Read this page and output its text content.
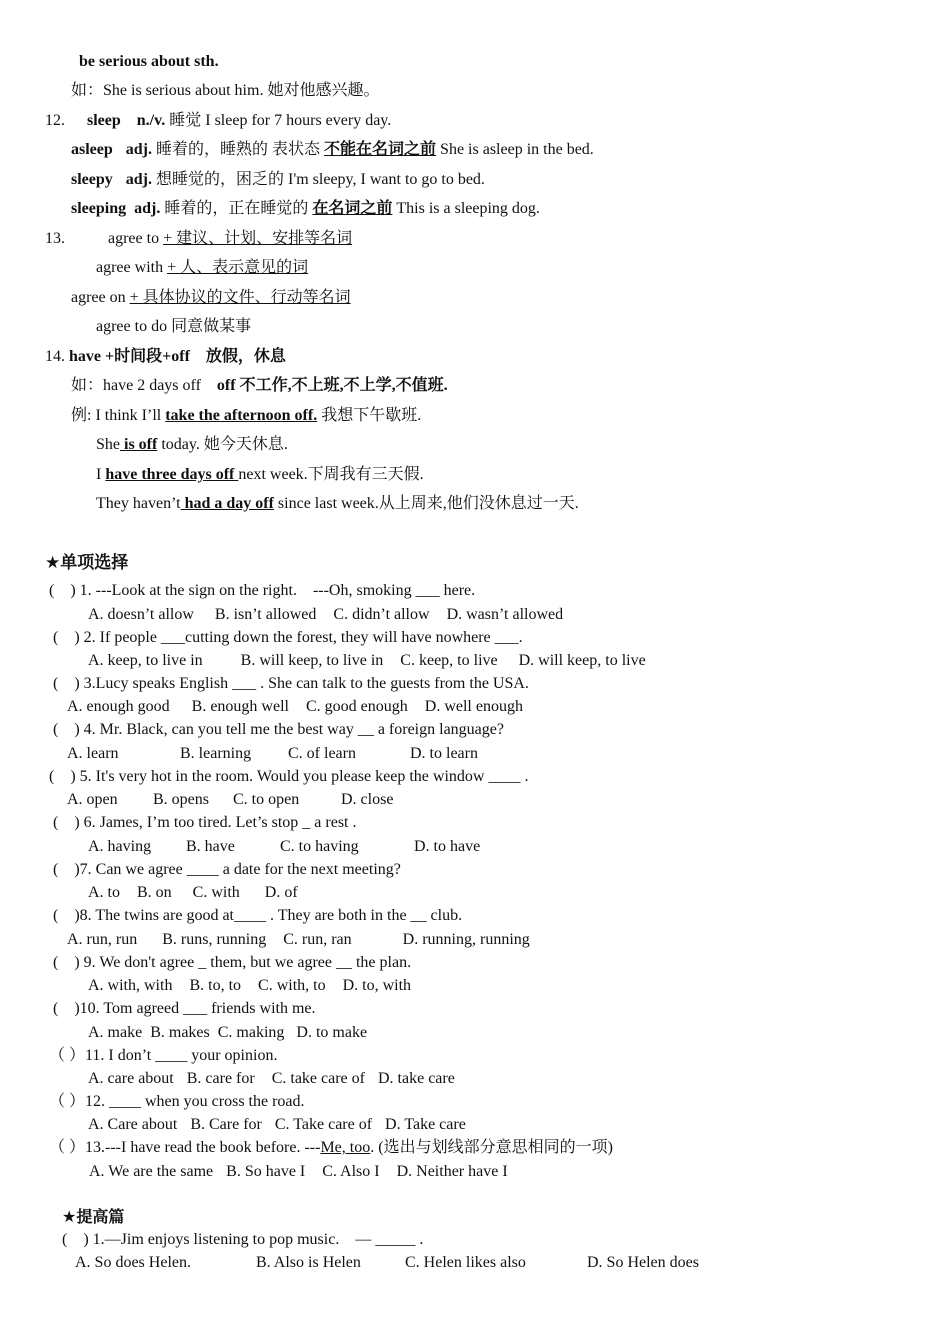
be serious about sth.
如：She is serious about him. 她对他感兴趣。
12. sleep n./v. 睡觉 I sleep for 7 hours every day.
asleep adj. 睡着的，睡熟的 表状态 不能在名词之前 She is asleep in the bed.
sleepy adj. 想睡觉的，困乏的 I'm sleepy, I want to go to bed.
sleeping adj. 睡着的，正在睡觉的 在名词之前 This is a sleeping dog.
13.	agree to + 建议、计划、安排等名词
agree with + 人、表示意见的词
agree on + 具体协议的文件、行动等名词
agree to do 同意做某事
14. have +时间段+off　放假，休息
如：have 2 days off　off 不工作,不上班,不上学,不值班.
例: I think I’ll take the afternoon off. 我想下午歇班.
She is off today. 她今天休息.
I have three days off next week.下周我有三天假.
They haven’t had a day off since last week.从上周来,他们没休息过一天.
★单项选择
(　) 1. ---Look at the sign on the right.　---Oh, smoking ___ here.
A. doesn’t allow B. isn’t allowed C. didn’t allow D. wasn’t allowed
(　) 2. If people ___cutting down the forest, they will have nowhere ___.
A. keep, to live in B. will keep, to live in C. keep, to live D. will keep, to live
(　) 3.Lucy speaks English ___ . She can talk to the guests from the USA.
A. enough good B. enough well C. good enough D. well enough
(　) 4. Mr. Black, can you tell me the best way __ a foreign language?
A. learn	B. learning C. of learn	D. to learn
(　) 5. It's very hot in the room. Would you please keep the window ____ .
A. open B. opens C. to open	D. close
(　) 6. James, I’m too tired. Let’s stop _ a rest .
A. having B. have	C. to having	D. to have
(　)7. Can we agree ____ a date for the next meeting?
A. to B. on C. with D. of
(　)8. The twins are good at____ . They are both in the __ club.
A. run, run B. runs, running C. run, ran	D. running, running
(　) 9. We don't agree _ them, but we agree __ the plan.
A. with, with B. to, to C. with, to D. to, with
(　)10. Tom agreed ___ friends with me.
A. make B. makes C. making D. to make
（ ）11. I don’t ____ your opinion.
A. care about B. care for C. take care of D. take care
（ ）12. ____ when you cross the road.
A. Care about B. Care for C. Take care of D. Take care
（ ）13.---I have read the book before. ---Me, too. (选出与划线部分意思相同的一项)
A. We are the same B. So have I C. Also I D. Neither have I
★提高篇
(　) 1.—Jim enjoys listening to pop music.　— _____ .
A. So does Helen.	B. Also is Helen	C. Helen likes also	D. So Helen does
